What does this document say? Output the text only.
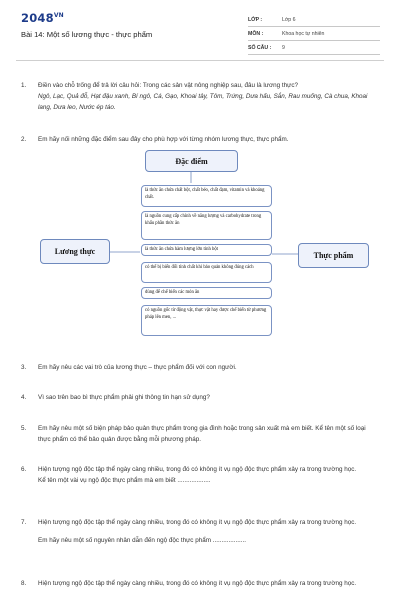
$2048^{VN}$
Bài 14: Một số lương thực - thực phẩm
LỚP :	Lớp 6
MÔN :	Khoa học tự nhiên
SỐ CÂU :	9
1. Điền vào chỗ trống để trả lời câu hỏi: Trong các sản vật nông nghiệp sau, đâu là lương thực?

Ngô, Lạc, Quả đỗ, Hạt đậu xanh, Bí ngô, Cá, Gạo, Khoai tây, Tôm, Trứng, Dưa hấu, Sắn, Rau muống, Cà chua, Khoai lang, Dưa leo, Nước ép táo.

2. Em hãy nối những đặc điểm sau đây cho phù hợp với từng nhóm lương thực, thực phẩm.

Đặc điểm
Lương thực	Thực phẩm
là thức ăn chứa chất bột, chất béo, chất đạm, vitamin và khoáng chất.
là nguồn cung cấp chính về năng lượng và carbohydrate trong khẩu phần thức ăn
là thức ăn chứa hàm lượng lớn tinh bột
có thể bị biến đổi tính chất khi bảo quản không đúng cách
dùng để chế biến các món ăn
có nguồn gốc từ động vật, thực vật hay được chế biến từ phương pháp lên men, ...
3. Em hãy nêu các vai trò của lương thực – thực phẩm đối với con người.

4. Vì sao trên bao bì thực phẩm phải ghi thông tin hạn sử dụng?

5. Em hãy nêu một số biện pháp bảo quản thực phẩm trong gia đình hoặc trong sản xuất mà em biết. Kể tên một số loại thực phẩm có thể bảo quản được bằng mỗi phương pháp.

6. Hiện tượng ngộ độc tập thể ngày càng nhiều, trong đó có không ít vụ ngộ độc thực phẩm xảy ra trong trường học.

Kể tên một vài vụ ngộ độc thực phẩm mà em biết ...................

7. Hiện tượng ngộ độc tập thể ngày càng nhiều, trong đó có không ít vụ ngộ độc thực phẩm xảy ra trong trường học.

Em hãy nêu một số nguyên nhân dẫn đến ngộ độc thực phẩm ...................

8. Hiện tượng ngộ độc tập thể ngày càng nhiều, trong đó có không ít vụ ngộ độc thực phẩm xảy ra trong trường học.
